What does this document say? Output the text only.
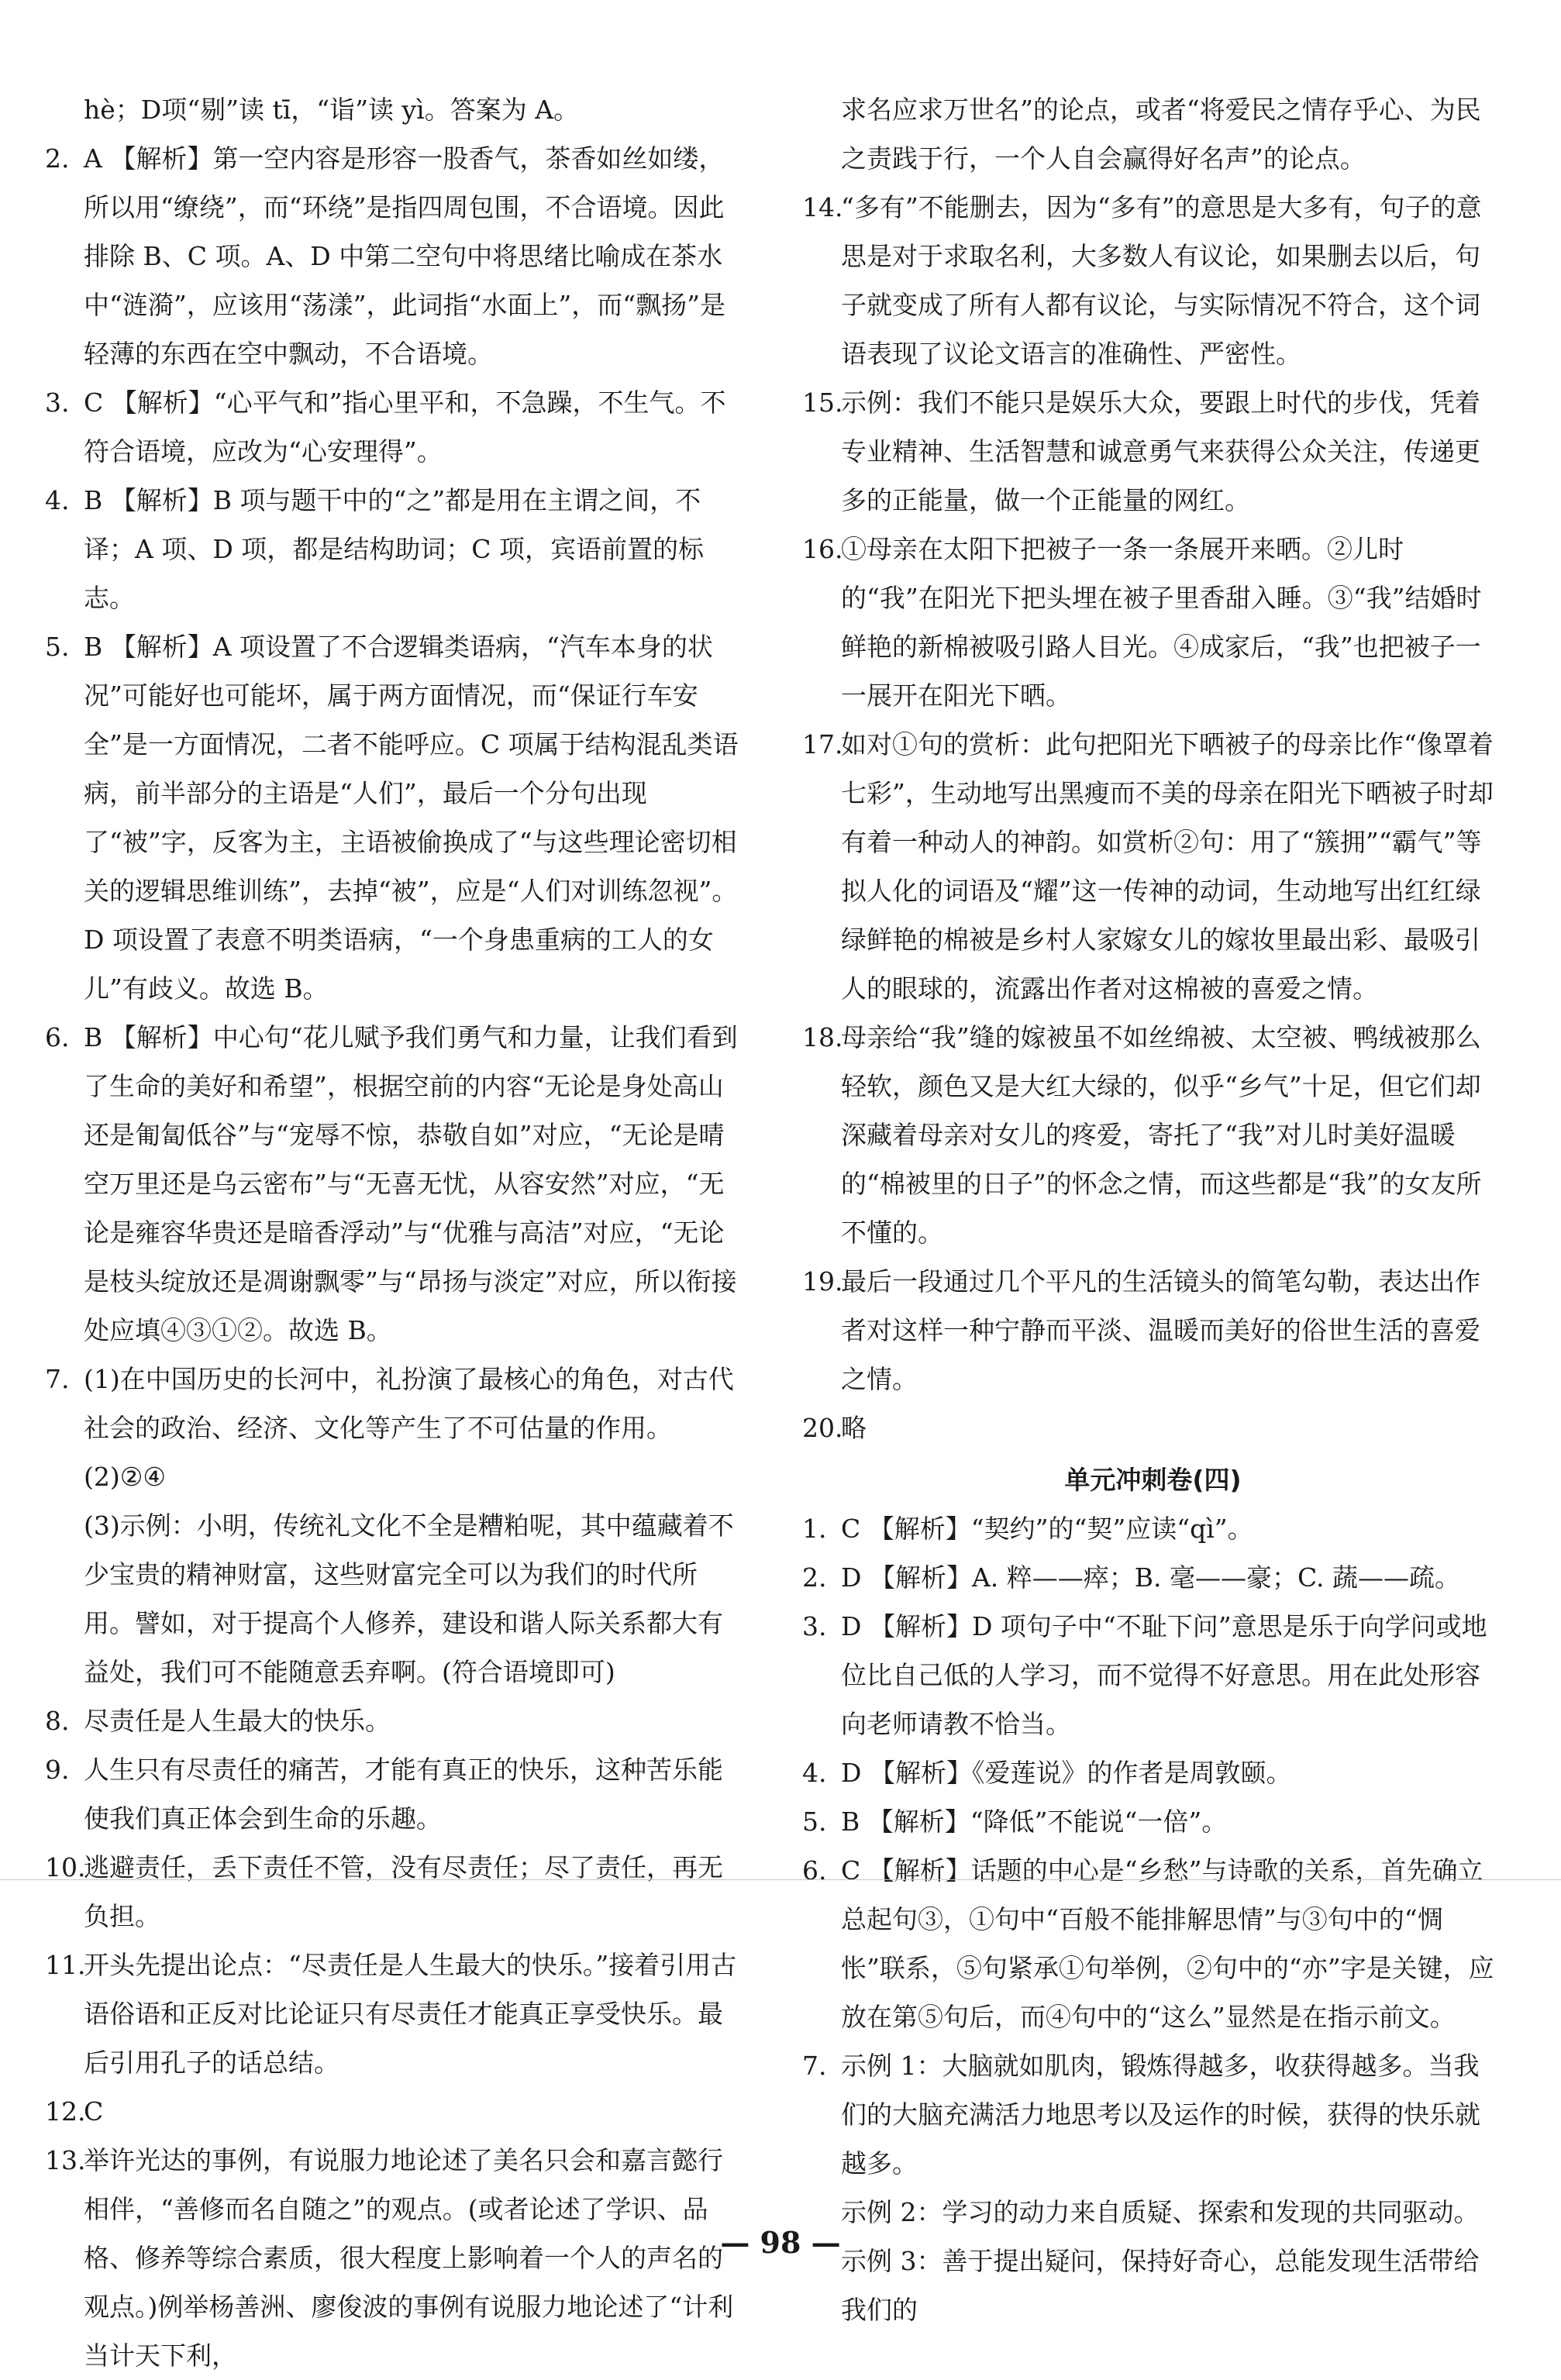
hè；D项“剔”读 tī，“诣”读 yì。答案为 A。

2. A 【解析】第一空内容是形容一股香气，茶香如丝如缕，所以用“缭绕”，而“环绕”是指四周包围，不合语境。因此排除 B、C 项。A、D 中第二空句中将思绪比喻成在茶水中“涟漪”，应该用“荡漾”，此词指“水面上”，而“飘扬”是轻薄的东西在空中飘动，不合语境。

3. C 【解析】“心平气和”指心里平和，不急躁，不生气。不符合语境，应改为“心安理得”。

4. B 【解析】B 项与题干中的“之”都是用在主谓之间，不译；A 项、D 项，都是结构助词；C 项，宾语前置的标志。

5. B 【解析】A 项设置了不合逻辑类语病，“汽车本身的状况”可能好也可能坏，属于两方面情况，而“保证行车安全”是一方面情况，二者不能呼应。C 项属于结构混乱类语病，前半部分的主语是“人们”，最后一个分句出现了“被”字，反客为主，主语被偷换成了“与这些理论密切相关的逻辑思维训练”，去掉“被”，应是“人们对训练忽视”。D 项设置了表意不明类语病，“一个身患重病的工人的女儿”有歧义。故选 B。

6. B 【解析】中心句“花儿赋予我们勇气和力量，让我们看到了生命的美好和希望”，根据空前的内容“无论是身处高山还是匍匐低谷”与“宠辱不惊，恭敬自如”对应，“无论是晴空万里还是乌云密布”与“无喜无忧，从容安然”对应，“无论是雍容华贵还是暗香浮动”与“优雅与高洁”对应，“无论是枝头绽放还是凋谢飘零”与“昂扬与淡定”对应，所以衔接处应填④③①②。故选 B。

7. (1)在中国历史的长河中，礼扮演了最核心的角色，对古代社会的政治、经济、文化等产生了不可估量的作用。

(2)②④

(3)示例：小明，传统礼文化不全是糟粕呢，其中蕴藏着不少宝贵的精神财富，这些财富完全可以为我们的时代所用。譬如，对于提高个人修养，建设和谐人际关系都大有益处，我们可不能随意丢弃啊。(符合语境即可)

8. 尽责任是人生最大的快乐。

9. 人生只有尽责任的痛苦，才能有真正的快乐，这种苦乐能使我们真正体会到生命的乐趣。

10.
逃避责任，丢下责任不管，没有尽责任；尽了责任，再无负担。

11.
开头先提出论点：“尽责任是人生最大的快乐。”接着引用古语俗语和正反对比论证只有尽责任才能真正享受快乐。最后引用孔子的话总结。

12.
C

13.
举许光达的事例，有说服力地论述了美名只会和嘉言懿行相伴，“善修而名自随之”的观点。(或者论述了学识、品格、修养等综合素质，很大程度上影响着一个人的声名的观点。)例举杨善洲、廖俊波的事例有说服力地论述了“计利当计天下利，

求名应求万世名”的论点，或者“将爱民之情存乎心、为民之责践于行，一个人自会赢得好名声”的论点。

14.
“多有”不能删去，因为“多有”的意思是大多有，句子的意思是对于求取名利，大多数人有议论，如果删去以后，句子就变成了所有人都有议论，与实际情况不符合，这个词语表现了议论文语言的准确性、严密性。

15.
示例：我们不能只是娱乐大众，要跟上时代的步伐，凭着专业精神、生活智慧和诚意勇气来获得公众关注，传递更多的正能量，做一个正能量的网红。

16.
①母亲在太阳下把被子一条一条展开来晒。②儿时的“我”在阳光下把头埋在被子里香甜入睡。③“我”结婚时鲜艳的新棉被吸引路人目光。④成家后，“我”也把被子一一展开在阳光下晒。

17.
如对①句的赏析：此句把阳光下晒被子的母亲比作“像罩着七彩”，生动地写出黑瘦而不美的母亲在阳光下晒被子时却有着一种动人的神韵。如赏析②句：用了“簇拥”“霸气”等拟人化的词语及“耀”这一传神的动词，生动地写出红红绿绿鲜艳的棉被是乡村人家嫁女儿的嫁妆里最出彩、最吸引人的眼球的，流露出作者对这棉被的喜爱之情。

18.
母亲给“我”缝的嫁被虽不如丝绵被、太空被、鸭绒被那么轻软，颜色又是大红大绿的，似乎“乡气”十足，但它们却深藏着母亲对女儿的疼爱，寄托了“我”对儿时美好温暖的“棉被里的日子”的怀念之情，而这些都是“我”的女友所不懂的。

19.
最后一段通过几个平凡的生活镜头的简笔勾勒，表达出作者对这样一种宁静而平淡、温暖而美好的俗世生活的喜爱之情。

20.
略

单元冲刺卷(四)

1. C 【解析】“契约”的“契”应读“qì”。

2. D 【解析】A. 粹——瘁；B. 毫——豪；C. 蔬——疏。

3. D 【解析】D 项句子中“不耻下问”意思是乐于向学问或地位比自己低的人学习，而不觉得不好意思。用在此处形容向老师请教不恰当。

4. D 【解析】《爱莲说》的作者是周敦颐。

5. B 【解析】“降低”不能说“一倍”。

6. C 【解析】话题的中心是“乡愁”与诗歌的关系，首先确立总起句③，①句中“百般不能排解思情”与③句中的“惆怅”联系，⑤句紧承①句举例，②句中的“亦”字是关键，应放在第⑤句后，而④句中的“这么”显然是在指示前文。

7. 示例 1：大脑就如肌肉，锻炼得越多，收获得越多。当我们的大脑充满活力地思考以及运作的时候，获得的快乐就越多。

示例 2：学习的动力来自质疑、探索和发现的共同驱动。

示例 3：善于提出疑问，保持好奇心，总能发现生活带给我们的

— 98 —
